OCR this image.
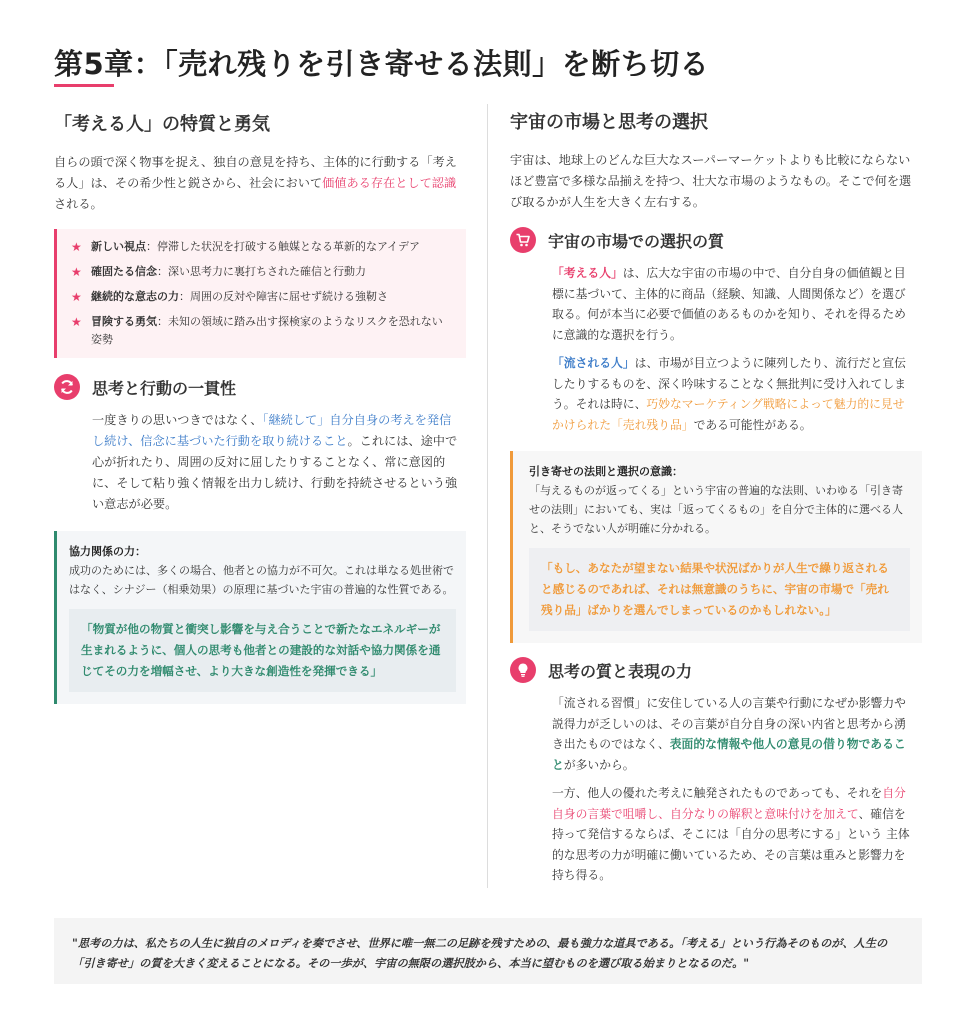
第5章：「売れ残りを引き寄せる法則」を断ち切る
「考える人」の特質と勇気

自らの頭で深く物事を捉え、独自の意見を持ち、主体的に行動する「考える人」は、その希少性と鋭さから、社会において価値ある存在として認識される。

★ 新しい視点：停滞した状況を打破する触媒となる革新的なアイデア
★ 確固たる信念：深い思考力に裏打ちされた確信と行動力
★ 継続的な意志の力：周囲の反対や障害に屈せず続ける強靭さ
★ 冒険する勇気：未知の領域に踏み出す探検家のようなリスクを恐れない姿勢
思考と行動の一貫性

一度きりの思いつきではなく、「継続して」自分自身の考えを発信し続け、信念に基づいた行動を取り続けること。これには、途中で心が折れたり、周囲の反対に屈したりすることなく、常に意図的に、そして粘り強く情報を出力し続け、行動を持続させるという強い意志が必要。

協力関係の力：
成功のためには、多くの場合、他者との協力が不可欠。これは単なる処世術ではなく、シナジー（相乗効果）の原理に基づいた宇宙の普遍的な性質である。
「物質が他の物質と衝突し影響を与え合うことで新たなエネルギーが生まれるように、個人の思考も他者との建設的な対話や協力関係を通じてその力を増幅させ、より大きな創造性を発揮できる」
宇宙の市場と思考の選択

宇宙は、地球上のどんな巨大なスーパーマーケットよりも比較にならないほど豊富で多様な品揃えを持つ、壮大な市場のようなもの。そこで何を選び取るかが人生を大きく左右する。

宇宙の市場での選択の質

「考える人」は、広大な宇宙の市場の中で、自分自身の価値観と目標に基づいて、主体的に商品（経験、知識、人間関係など）を選び取る。何が本当に必要で価値のあるものかを知り、それを得るために意識的な選択を行う。

「流される人」は、市場が目立つように陳列したり、流行だと宣伝したりするものを、深く吟味することなく無批判に受け入れてしまう。それは時に、巧妙なマーケティング戦略によって魅力的に見せかけられた「売れ残り品」である可能性がある。

引き寄せの法則と選択の意識：
「与えるものが返ってくる」という宇宙の普遍的な法則、いわゆる「引き寄せの法則」においても、実は「返ってくるもの」を自分で主体的に選べる人と、そうでない人が明確に分かれる。
「もし、あなたが望まない結果や状況ばかりが人生で繰り返されると感じるのであれば、それは無意識のうちに、宇宙の市場で「売れ残り品」ばかりを選んでしまっているのかもしれない。」
思考の質と表現の力

「流される習慣」に安住している人の言葉や行動になぜか影響力や説得力が乏しいのは、その言葉が自分自身の深い内省と思考から湧き出たものではなく、表面的な情報や他人の意見の借り物であることが多いから。

一方、他人の優れた考えに触発されたものであっても、それを自分自身の言葉で咀嚼し、自分なりの解釈と意味付けを加えて、確信を持って発信するならば、そこには「自分の思考にする」という 主体的な思考の力が明確に働いているため、その言葉は重みと影響力を持ち得る。

"思考の力は、私たちの人生に独自のメロディを奏でさせ、世界に唯一無二の足跡を残すための、最も強力な道具である。「考える」という行為そのものが、人生の「引き寄せ」の質を大きく変えることになる。その一歩が、宇宙の無限の選択肢から、本当に望むものを選び取る始まりとなるのだ。"
